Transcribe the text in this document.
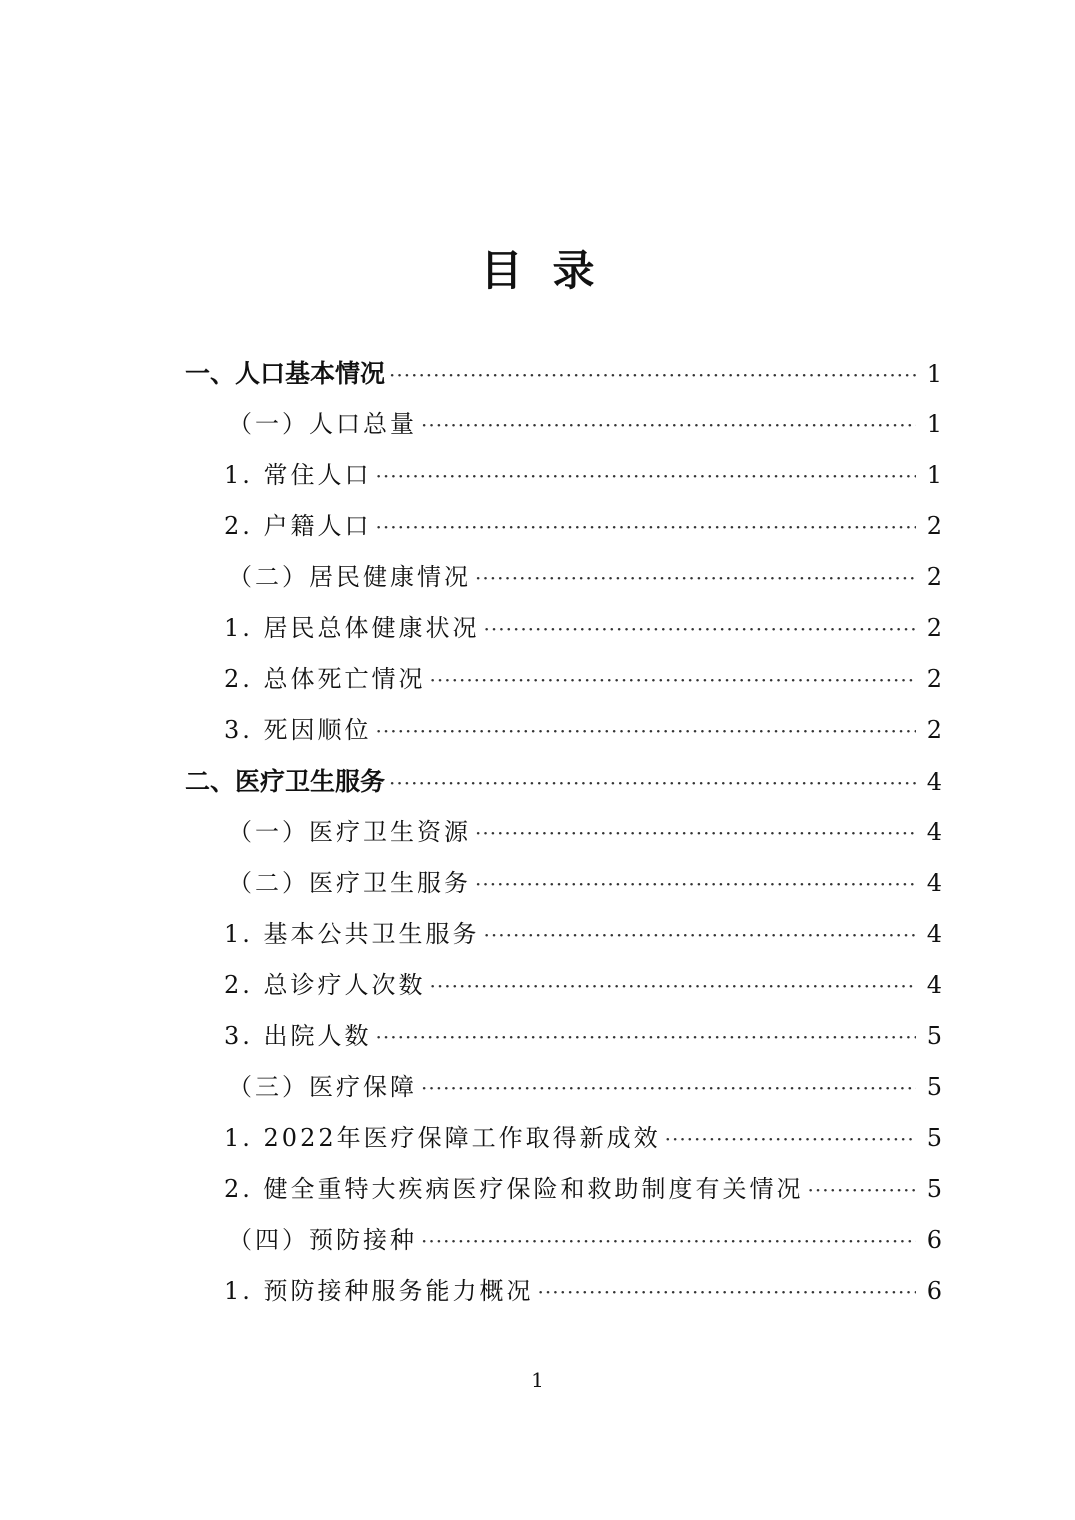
目 录
一、人口基本情况 ·····	1
（一）人口总量 ·····	1
1. 常住人口 ·····	1
2. 户籍人口 ·····	2
（二）居民健康情况 ·····	2
1. 居民总体健康状况 ·····	2
2. 总体死亡情况 ·····	2
3. 死因顺位 ·····	2
二、医疗卫生服务 ·····	4
（一）医疗卫生资源 ·····	4
（二）医疗卫生服务 ·····	4
1. 基本公共卫生服务 ·····	4
2. 总诊疗人次数 ·····	4
3. 出院人数 ·····	5
（三）医疗保障 ·····	5
1. 2022年医疗保障工作取得新成效 ·····	5
2. 健全重特大疾病医疗保险和救助制度有关情况 ·····	5
（四）预防接种 ·····	6
1. 预防接种服务能力概况 ·····	6
1
